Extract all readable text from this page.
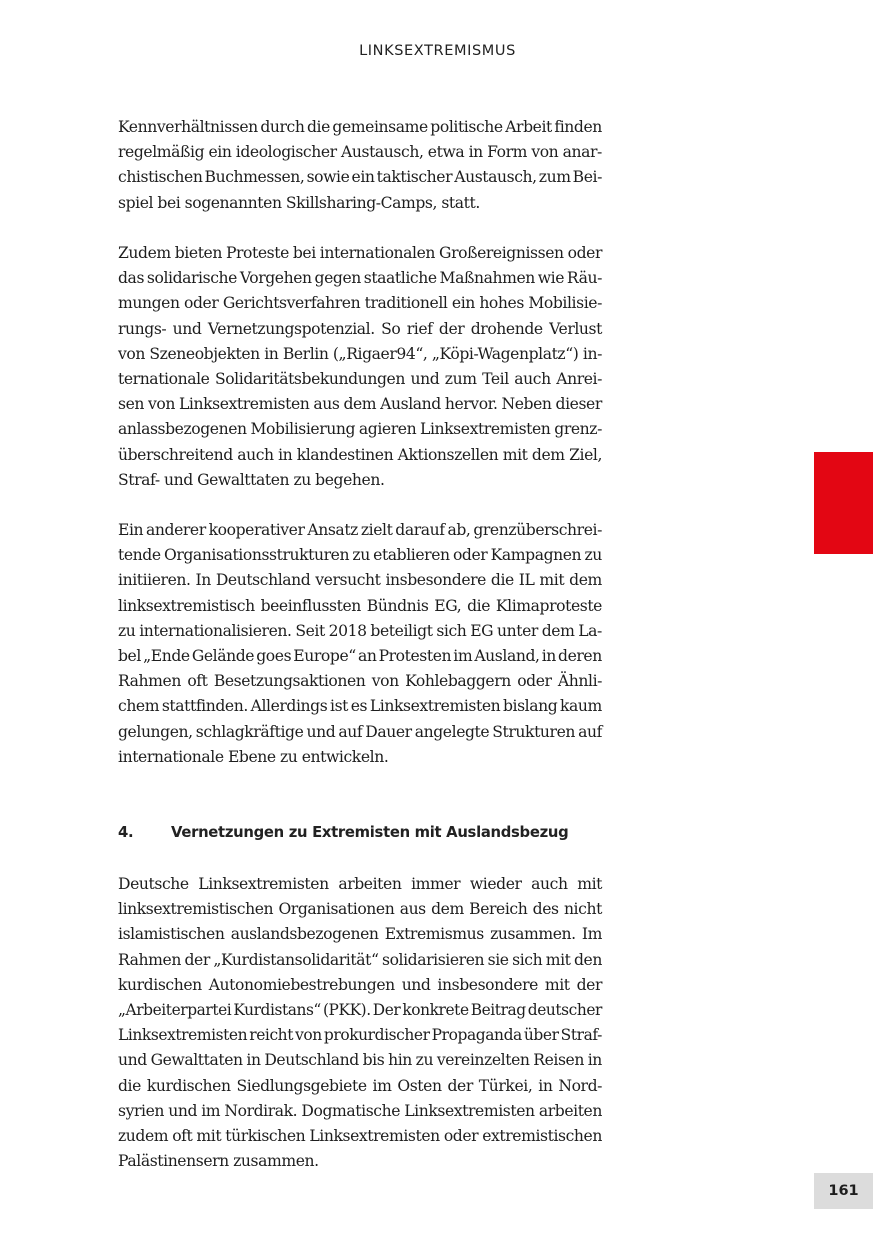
LINKSEXTREMISMUS
Kennverhältnissen durch die gemeinsame politische Arbeit finden
regelmäßig ein ideologischer Austausch, etwa in Form von anar-
chistischen Buchmessen, sowie ein taktischer Austausch, zum Bei-
spiel bei sogenannten Skillsharing-Camps, statt.
Zudem bieten Proteste bei internationalen Großereignissen oder
das solidarische Vorgehen gegen staatliche Maßnahmen wie Räu-
mungen oder Gerichtsverfahren traditionell ein hohes Mobilisie-
rungs- und Vernetzungspotenzial. So rief der drohende Verlust
von Szeneobjekten in Berlin („Rigaer94“, „Köpi-Wagenplatz“) in-
ternationale Solidaritätsbekundungen und zum Teil auch Anrei-
sen von Linksextremisten aus dem Ausland hervor. Neben dieser
anlassbezogenen Mobilisierung agieren Linksextremisten grenz-
überschreitend auch in klandestinen Aktionszellen mit dem Ziel,
Straf- und Gewalttaten zu begehen.
Ein anderer kooperativer Ansatz zielt darauf ab, grenzüberschrei-
tende Organisationsstrukturen zu etablieren oder Kampagnen zu
initiieren. In Deutschland versucht insbesondere die IL mit dem
linksextremistisch beeinflussten Bündnis EG, die Klimaproteste
zu internationalisieren. Seit 2018 beteiligt sich EG unter dem La-
bel „Ende Gelände goes Europe“ an Protesten im Ausland, in deren
Rahmen oft Besetzungsaktionen von Kohlebaggern oder Ähnli-
chem stattfinden. Allerdings ist es Linksextremisten bislang kaum
gelungen, schlagkräftige und auf Dauer angelegte Strukturen auf
internationale Ebene zu entwickeln.
4.	Vernetzungen zu Extremisten mit Auslandsbezug
Deutsche Linksextremisten arbeiten immer wieder auch mit
linksextremistischen Organisationen aus dem Bereich des nicht
islamistischen auslandsbezogenen Extremismus zusammen. Im
Rahmen der „Kurdistansolidarität“ solidarisieren sie sich mit den
kurdischen Autonomiebestrebungen und insbesondere mit der
„Arbeiterpartei Kurdistans“ (PKK). Der konkrete Beitrag deutscher
Linksextremisten reicht von prokurdischer Propaganda über Straf-
und Gewalttaten in Deutschland bis hin zu vereinzelten Reisen in
die kurdischen Siedlungsgebiete im Osten der Türkei, in Nord-
syrien und im Nordirak. Dogmatische Linksextremisten arbeiten
zudem oft mit türkischen Linksextremisten oder extremistischen
Palästinensern zusammen.
161
